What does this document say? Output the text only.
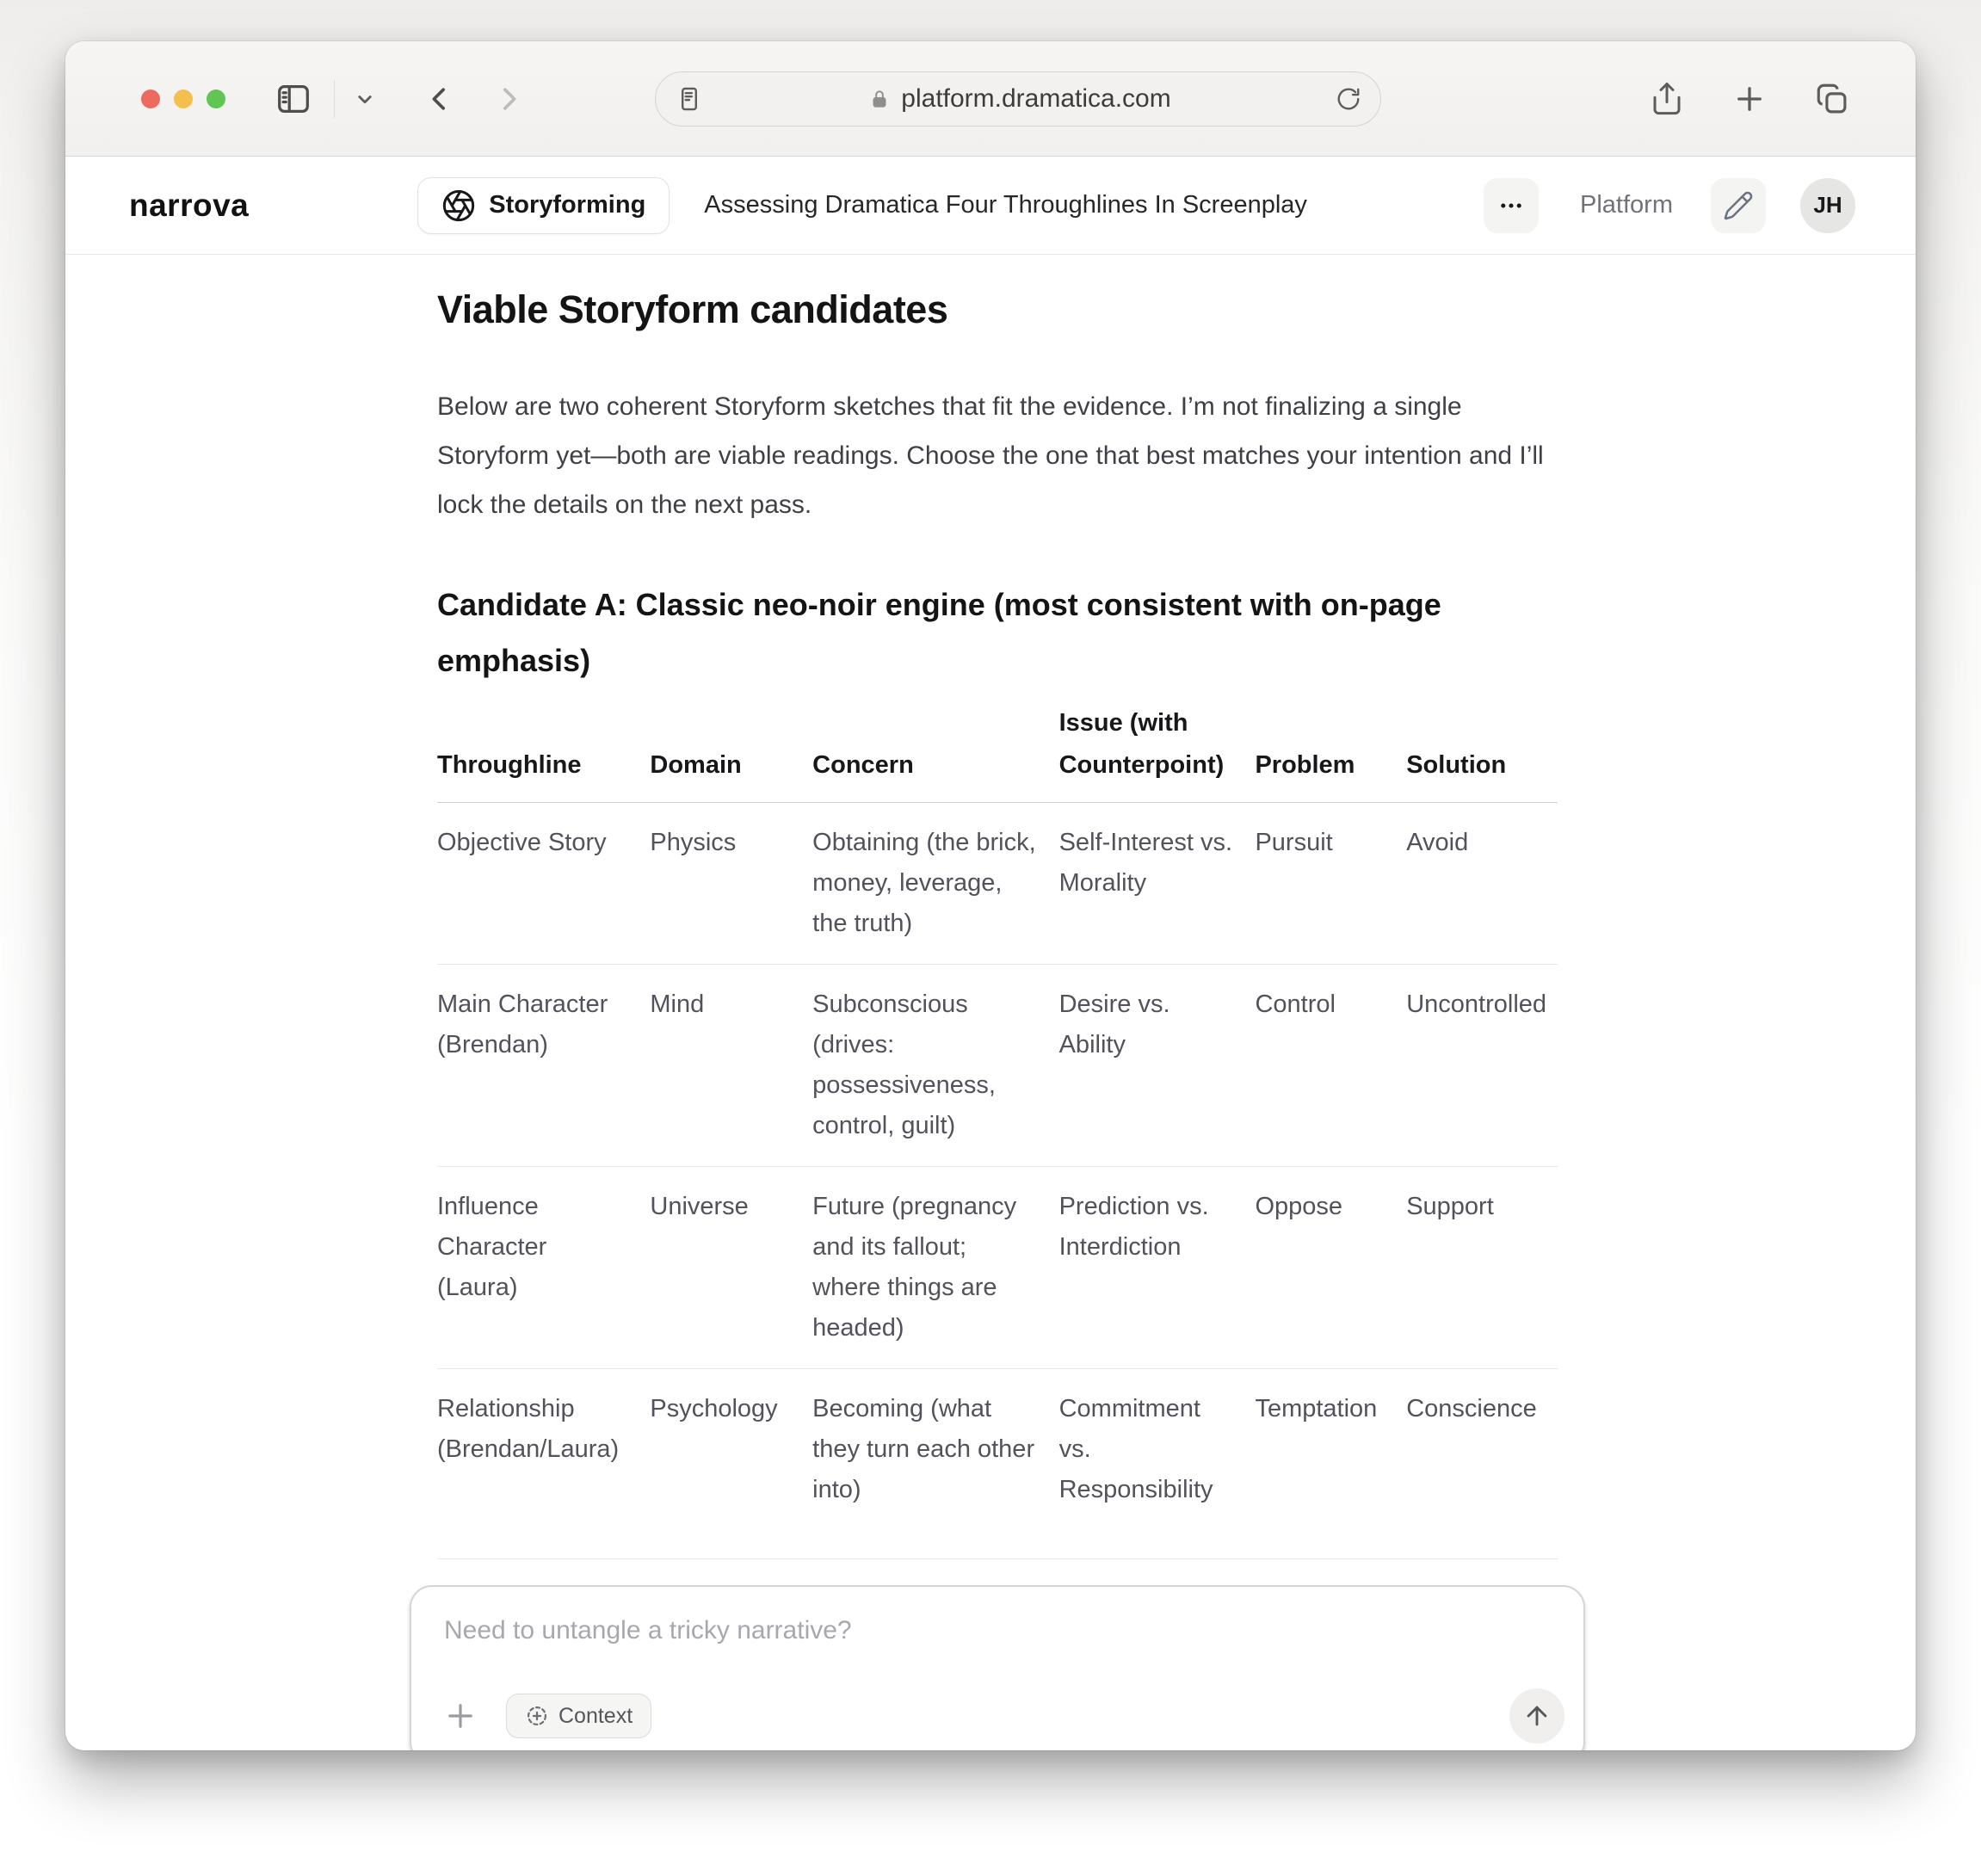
platform.dramatica.com
narrova	Storyforming Assessing Dramatica Four Throughlines In Screenplay	Platform	JH
Viable Storyform candidates

Below are two coherent Storyform sketches that fit the evidence. I’m not finalizing a single Storyform yet—both are viable readings. Choose the one that best matches your intention and I’ll lock the details on the next pass.

Candidate A: Classic neo-noir engine (most consistent with on-page emphasis)
Throughline	Domain	Concern	Issue (with Counterpoint)	Problem	Solution
Objective Story	Physics	Obtaining (the brick, money, leverage, the truth)	Self-Interest vs. Morality	Pursuit	Avoid
Main Character (Brendan)	Mind	Subconscious (drives: possessiveness, control, guilt)	Desire vs. Ability	Control	Uncontrolled
Influence Character (Laura)	Universe	Future (pregnancy and its fallout; where things are headed)	Prediction vs. Interdiction	Oppose	Support
Relationship (Brendan/Laura)	Psychology	Becoming (what they turn each other into)	Commitment vs. Responsibility	Temptation	Conscience
Need to untangle a tricky narrative?
Context
